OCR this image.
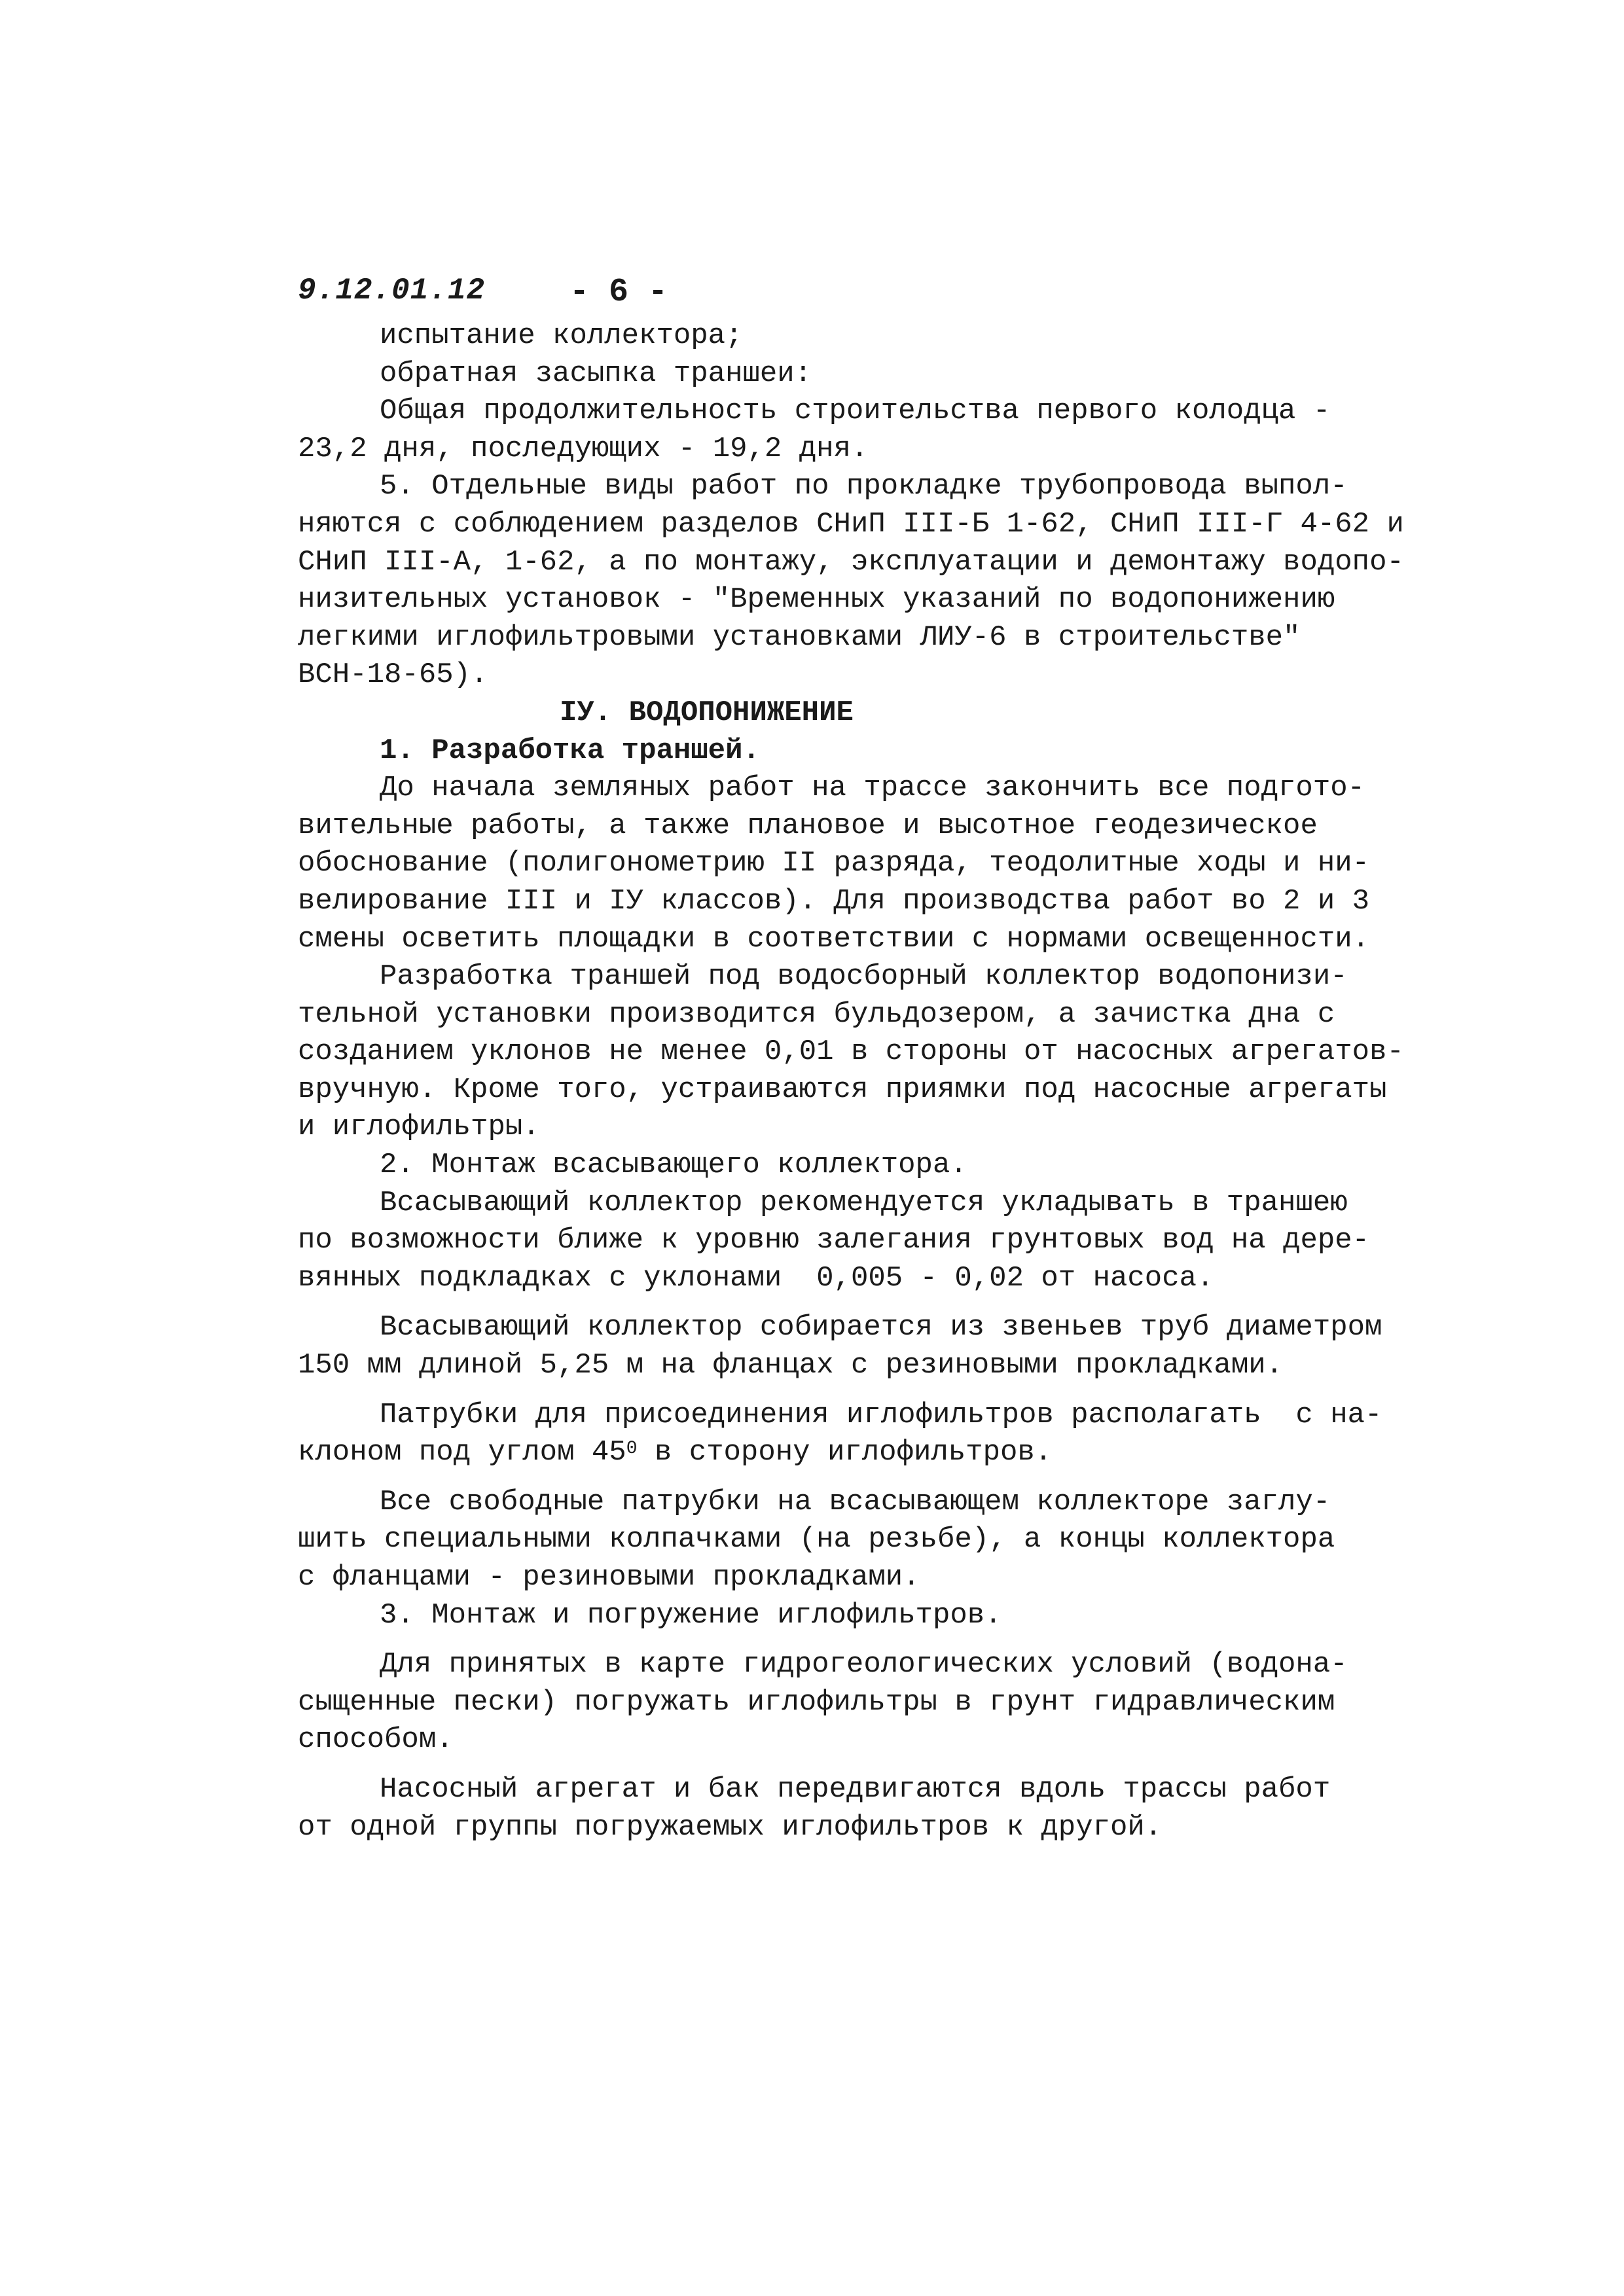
9.12.01.12	- 6 -
испытание коллектора;
обратная засыпка траншеи:
Общая продолжительность строительства первого колодца -
23,2 дня, последующих - 19,2 дня.
5. Отдельные виды работ по прокладке трубопровода выпол-
няются с соблюдением разделов СНиП III-Б 1-62, СНиП III-Г 4-62 и
СНиП III-А, 1-62, а по монтажу, эксплуатации и демонтажу водопо-
низительных установок - "Временных указаний по водопонижению
легкими иглофильтровыми установками ЛИУ-6 в строительстве"
ВСН-18-65).
IУ. ВОДОПОНИЖЕНИЕ
1. Разработка траншей.
До начала земляных работ на трассе закончить все подгото-
вительные работы, а также плановое и высотное геодезическое
обоснование (полигонометрию II разряда, теодолитные ходы и ни-
велирование III и IУ классов). Для производства работ во 2 и 3
смены осветить площадки в соответствии с нормами освещенности.
Разработка траншей под водосборный коллектор водопонизи-
тельной установки производится бульдозером, а зачистка дна с
созданием уклонов не менее 0,01 в стороны от насосных агрегатов-
вручную. Кроме того, устраиваются приямки под насосные агрегаты
и иглофильтры.
2. Монтаж всасывающего коллектора.
Всасывающий коллектор рекомендуется укладывать в траншею
по возможности ближе к уровню залегания грунтовых вод на дере-
вянных подкладках с уклонами  0,005 - 0,02 от насоса.
Всасывающий коллектор собирается из звеньев труб диаметром
150 мм длиной 5,25 м на фланцах с резиновыми прокладками.
Патрубки для присоединения иглофильтров располагать  с на-
клоном под углом $45^0$ в сторону иглофильтров.
Все свободные патрубки на всасывающем коллекторе заглу-
шить специальными колпачками (на резьбе), а концы коллектора
с фланцами - резиновыми прокладками.
3. Монтаж и погружение иглофильтров.
Для принятых в карте гидрогеологических условий (водона-
сыщенные пески) погружать иглофильтры в грунт гидравлическим
способом.
Насосный агрегат и бак передвигаются вдоль трассы работ
от одной группы погружаемых иглофильтров к другой.
